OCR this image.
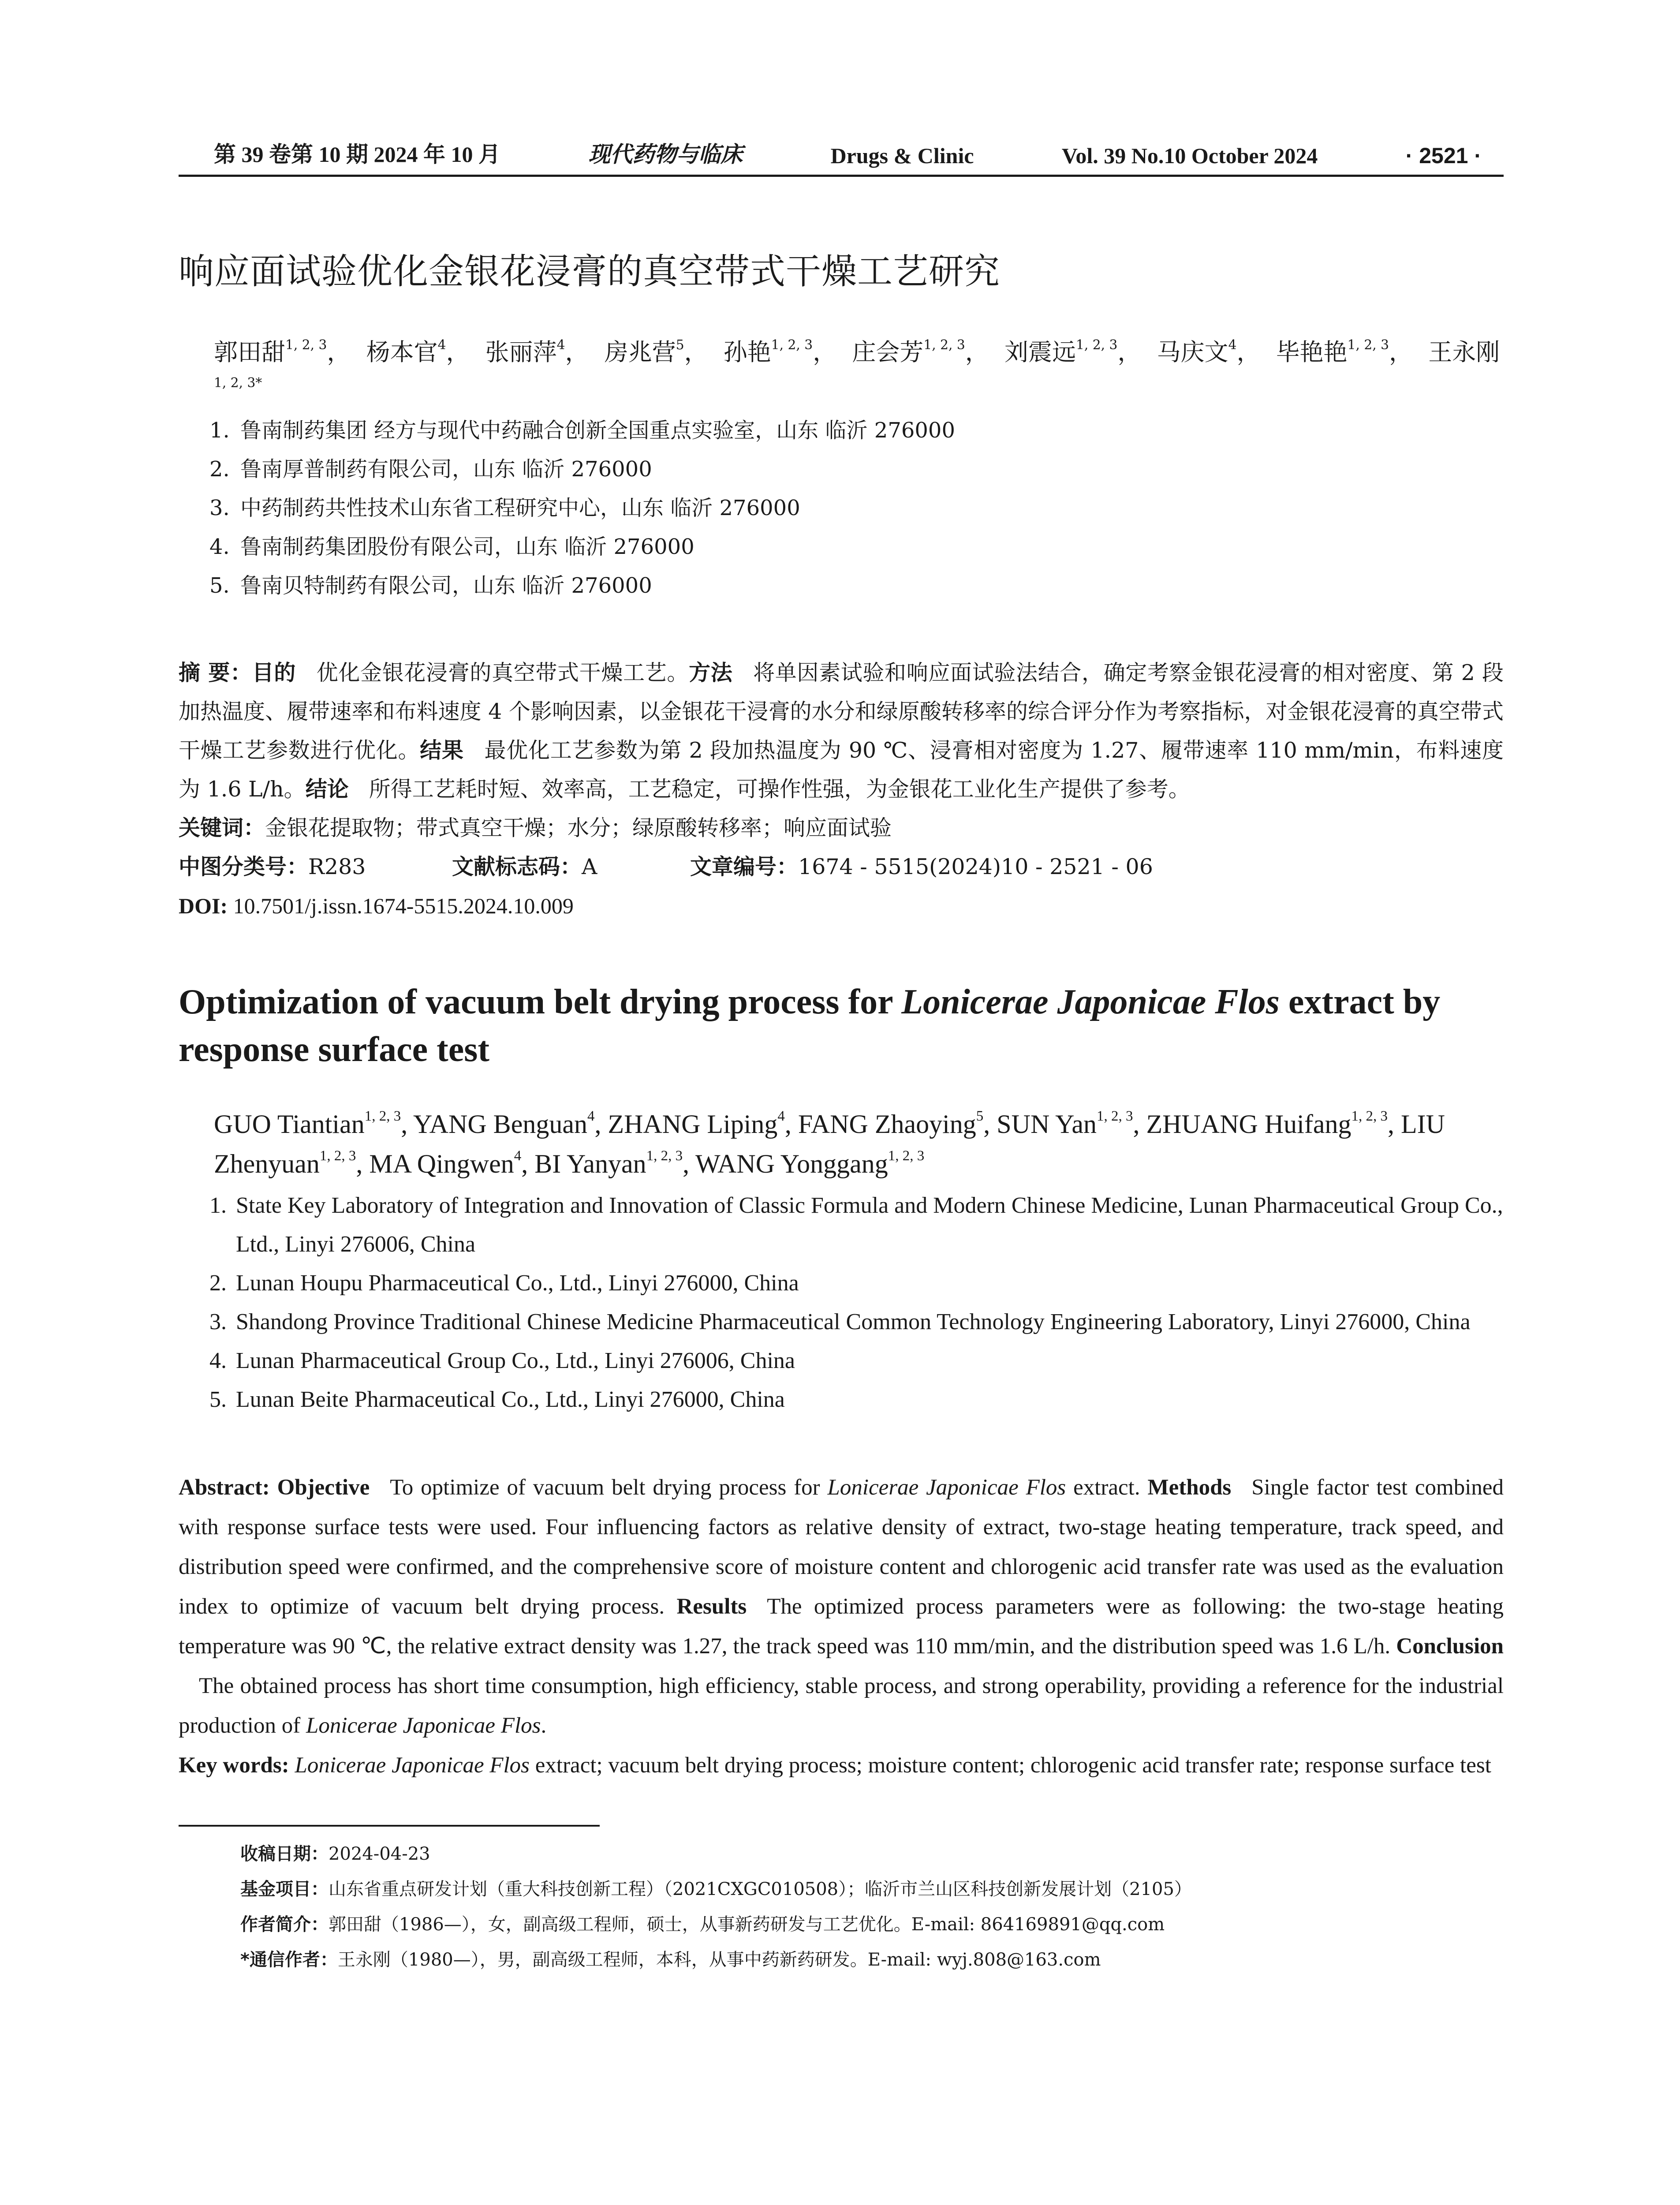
第 39 卷第 10 期 2024 年 10 月	现代药物与临床	Drugs & Clinic	Vol. 39 No.10 October 2024	· 2521 ·
响应面试验优化金银花浸膏的真空带式干燥工艺研究
郭田甜$^{1, 2, 3}$， 杨本官$^4$， 张丽萍$^4$， 房兆营$^5$， 孙艳$^{1, 2, 3}$， 庄会芳$^{1, 2, 3}$， 刘震远$^{1, 2, 3}$， 马庆文$^4$， 毕艳艳$^{1, 2, 3}$， 王永刚$^{1, 2, 3*}$
1. 鲁南制药集团 经方与现代中药融合创新全国重点实验室，山东 临沂 276000
2. 鲁南厚普制药有限公司，山东 临沂 276000
3. 中药制药共性技术山东省工程研究中心，山东 临沂 276000
4. 鲁南制药集团股份有限公司，山东 临沂 276000
5. 鲁南贝特制药有限公司，山东 临沂 276000
摘 要：目的 优化金银花浸膏的真空带式干燥工艺。方法 将单因素试验和响应面试验法结合，确定考察金银花浸膏的相对密度、第 2 段加热温度、履带速率和布料速度 4 个影响因素，以金银花干浸膏的水分和绿原酸转移率的综合评分作为考察指标，对金银花浸膏的真空带式干燥工艺参数进行优化。结果 最优化工艺参数为第 2 段加热温度为 90 ℃、浸膏相对密度为 1.27、履带速率 110 mm/min，布料速度为 1.6 L/h。结论 所得工艺耗时短、效率高，工艺稳定，可操作性强，为金银花工业化生产提供了参考。
关键词：金银花提取物；带式真空干燥；水分；绿原酸转移率；响应面试验
中图分类号：R283	文献标志码：A	文章编号：1674 - 5515(2024)10 - 2521 - 06
DOI: 10.7501/j.issn.1674-5515.2024.10.009
Optimization of vacuum belt drying process for Lonicerae Japonicae Flos extract by response surface test
GUO Tiantian$^{1, 2, 3}$, YANG Benguan$^4$, ZHANG Liping$^4$, FANG Zhaoying$^5$, SUN Yan$^{1, 2, 3}$, ZHUANG Huifang$^{1, 2, 3}$, LIU Zhenyuan$^{1, 2, 3}$, MA Qingwen$^4$, BI Yanyan$^{1, 2, 3}$, WANG Yonggang$^{1, 2, 3}$
1. State Key Laboratory of Integration and Innovation of Classic Formula and Modern Chinese Medicine, Lunan Pharmaceutical Group Co., Ltd., Linyi 276006, China
2. Lunan Houpu Pharmaceutical Co., Ltd., Linyi 276000, China
3. Shandong Province Traditional Chinese Medicine Pharmaceutical Common Technology Engineering Laboratory, Linyi 276000, China
4. Lunan Pharmaceutical Group Co., Ltd., Linyi 276006, China
5. Lunan Beite Pharmaceutical Co., Ltd., Linyi 276000, China
Abstract: Objective To optimize of vacuum belt drying process for Lonicerae Japonicae Flos extract. Methods Single factor test combined with response surface tests were used. Four influencing factors as relative density of extract, two-stage heating temperature, track speed, and distribution speed were confirmed, and the comprehensive score of moisture content and chlorogenic acid transfer rate was used as the evaluation index to optimize of vacuum belt drying process. Results The optimized process parameters were as following: the two-stage heating temperature was 90 ℃, the relative extract density was 1.27, the track speed was 110 mm/min, and the distribution speed was 1.6 L/h. ConclusionThe obtained process has short time consumption, high efficiency, stable process, and strong operability, providing a reference for the industrial production of Lonicerae Japonicae Flos.
Key words: Lonicerae Japonicae Flos extract; vacuum belt drying process; moisture content; chlorogenic acid transfer rate; response surface test
收稿日期：2024-04-23
基金项目：山东省重点研发计划（重大科技创新工程）（2021CXGC010508）；临沂市兰山区科技创新发展计划（2105）
作者简介：郭田甜（1986—），女，副高级工程师，硕士，从事新药研发与工艺优化。E-mail: 864169891@qq.com
*通信作者：王永刚（1980—），男，副高级工程师，本科，从事中药新药研发。E-mail: wyj.808@163.com
